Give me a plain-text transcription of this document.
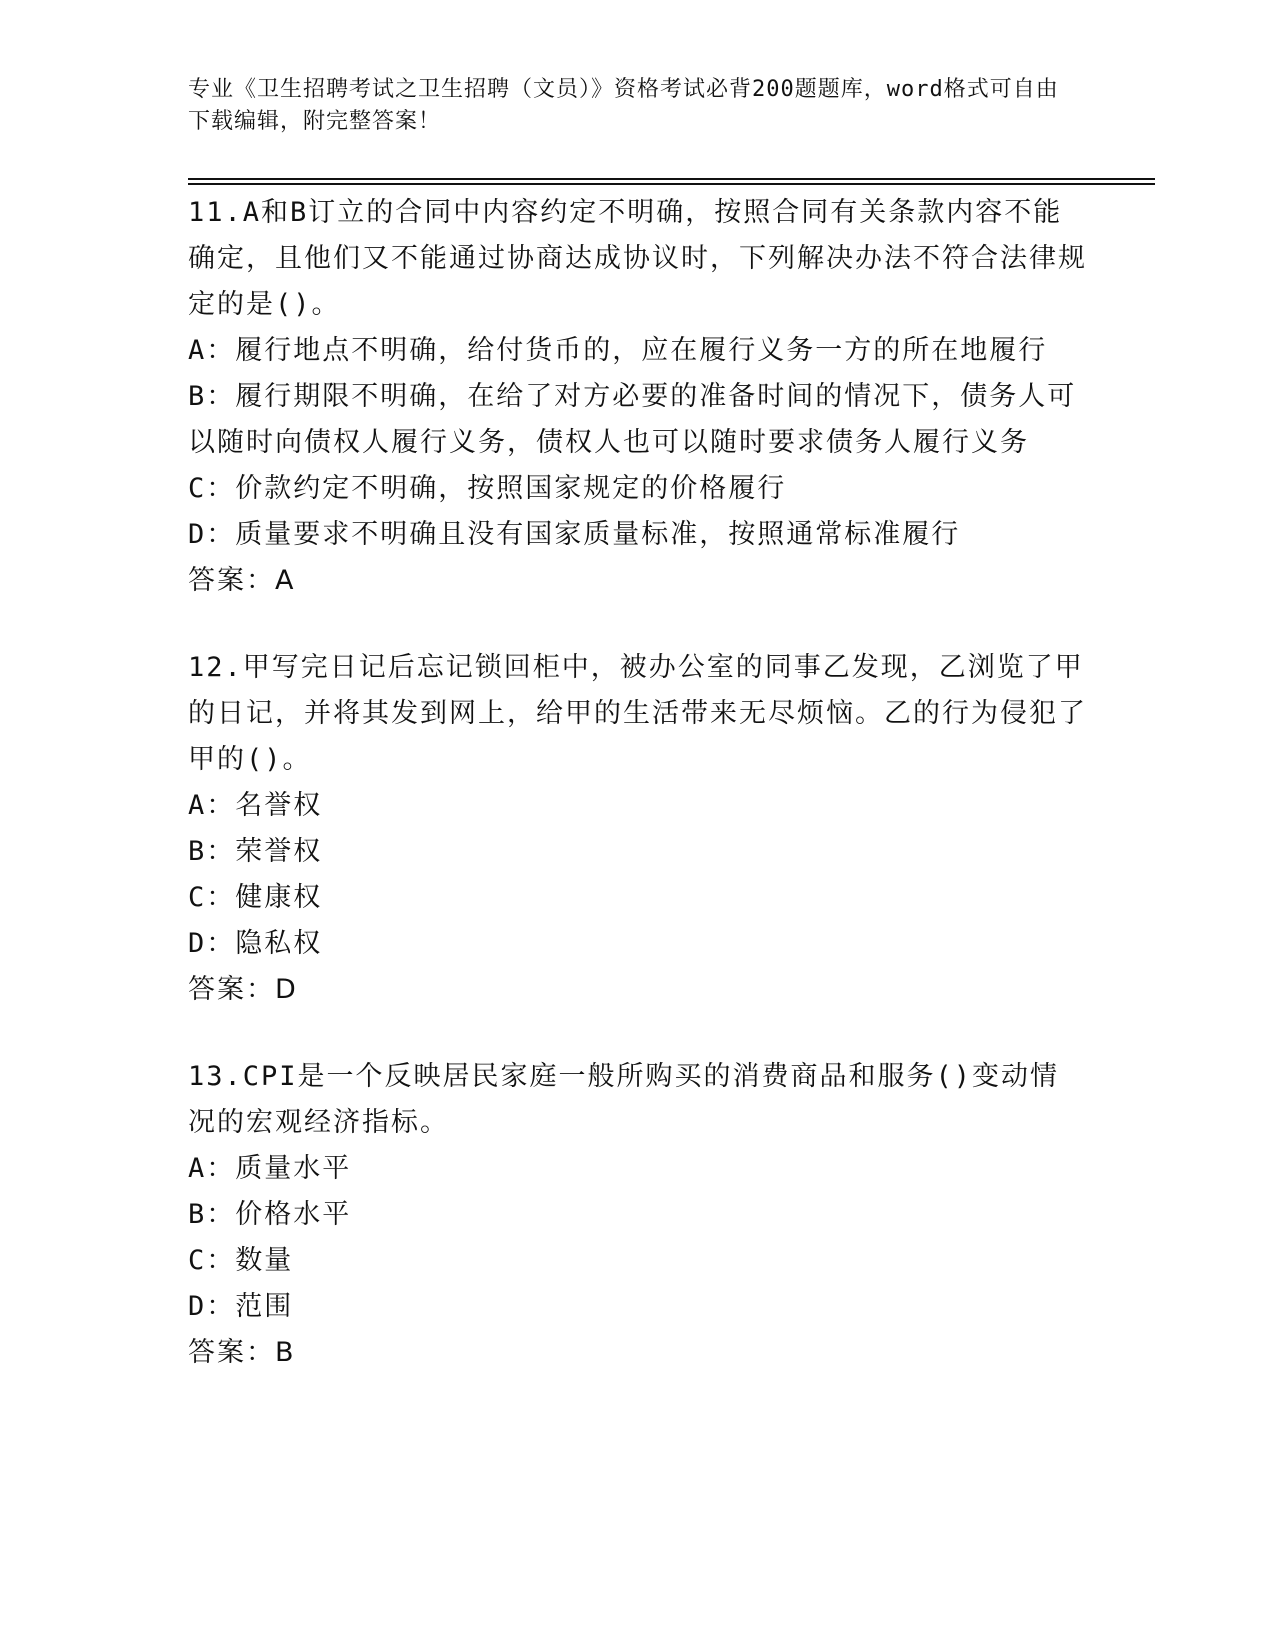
专业《卫生招聘考试之卫生招聘（文员）》资格考试必背200题题库，word格式可自由下载编辑，附完整答案！

11.A和B订立的合同中内容约定不明确，按照合同有关条款内容不能确定，且他们又不能通过协商达成协议时，下列解决办法不符合法律规定的是()。

A：履行地点不明确，给付货币的，应在履行义务一方的所在地履行

B：履行期限不明确，在给了对方必要的准备时间的情况下，债务人可以随时向债权人履行义务，债权人也可以随时要求债务人履行义务

C：价款约定不明确，按照国家规定的价格履行

D：质量要求不明确且没有国家质量标准，按照通常标准履行

答案：A

12.甲写完日记后忘记锁回柜中，被办公室的同事乙发现，乙浏览了甲的日记，并将其发到网上，给甲的生活带来无尽烦恼。乙的行为侵犯了甲的()。

A：名誉权

B：荣誉权

C：健康权

D：隐私权

答案：D

13.CPI是一个反映居民家庭一般所购买的消费商品和服务()变动情况的宏观经济指标。

A：质量水平

B：价格水平

C：数量

D：范围

答案：B
